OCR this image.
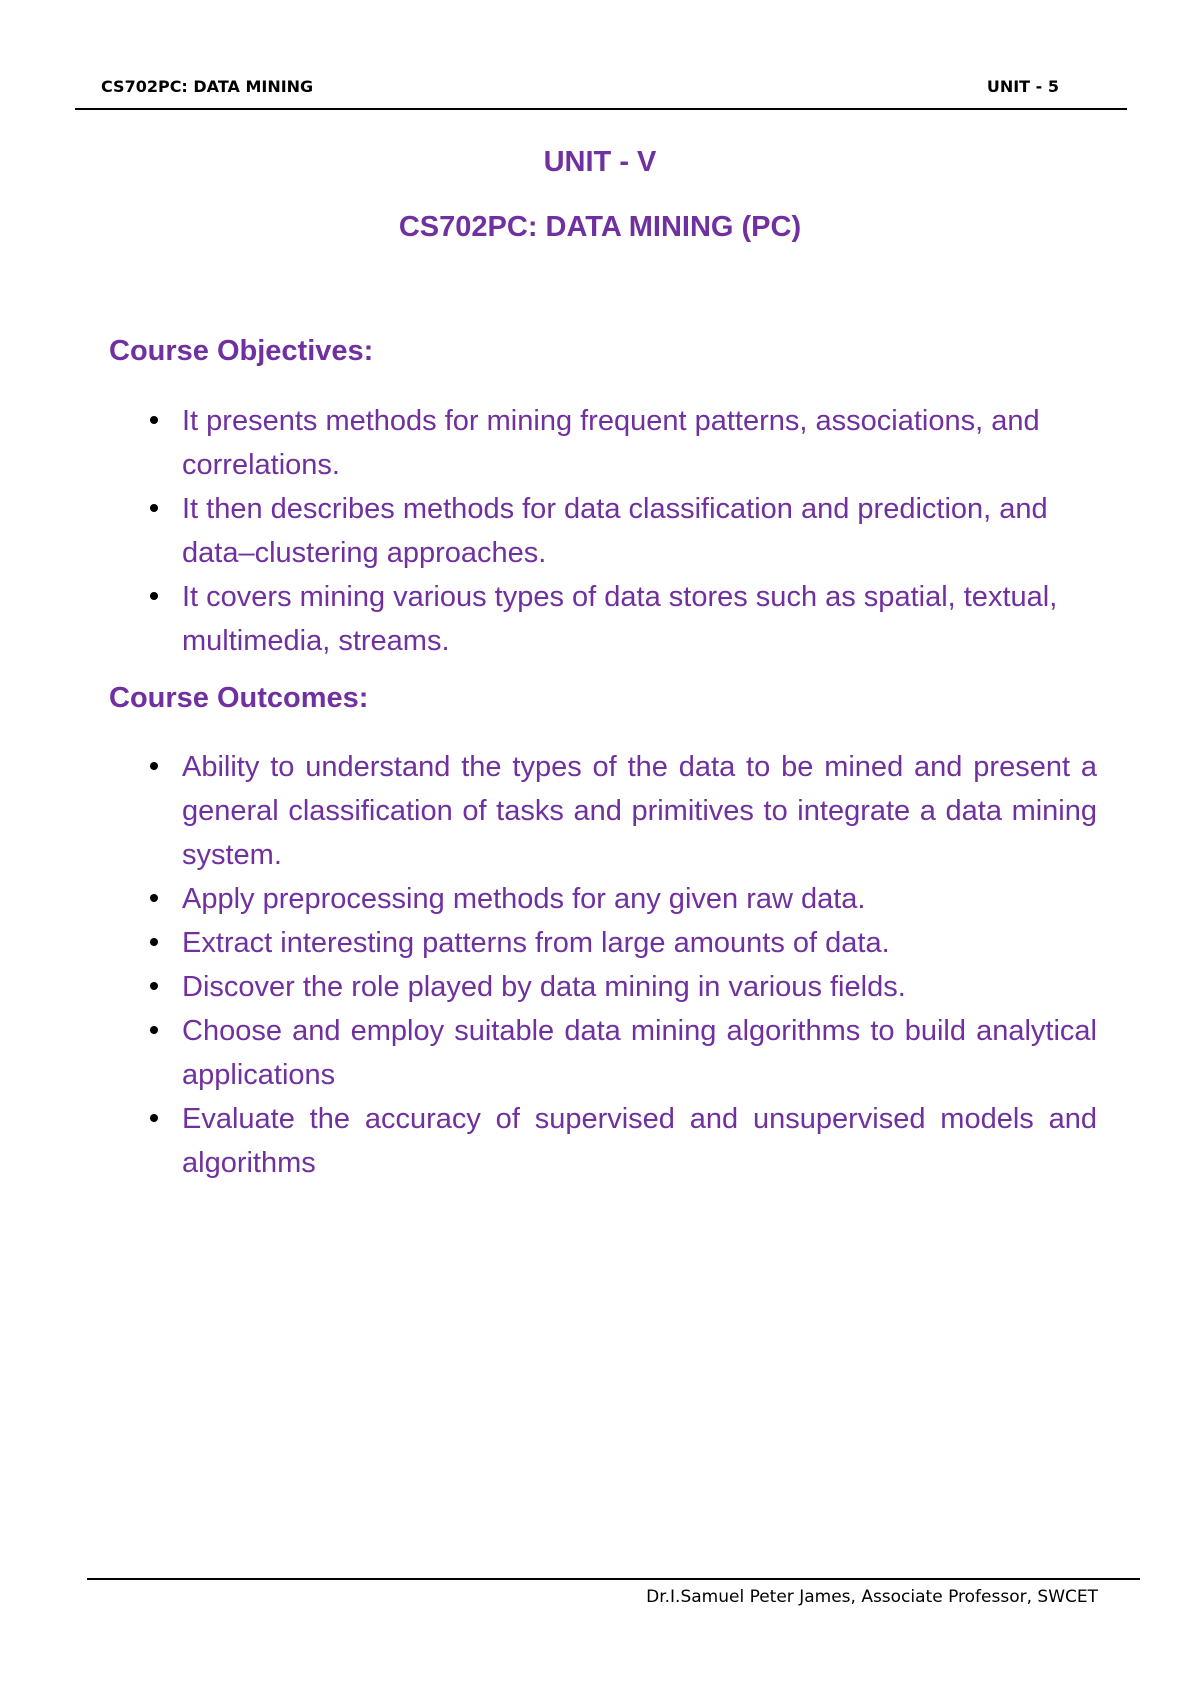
CS702PC: DATA MINING	UNIT - 5
UNIT - V
CS702PC: DATA MINING (PC)
Course Objectives:
It presents methods for mining frequent patterns, associations, and correlations.
It then describes methods for data classification and prediction, and data–clustering approaches.
It covers mining various types of data stores such as spatial, textual, multimedia, streams.
Course Outcomes:
Ability to understand the types of the data to be mined and present a general classification of tasks and primitives to integrate a data mining system.
Apply preprocessing methods for any given raw data.
Extract interesting patterns from large amounts of data.
Discover the role played by data mining in various fields.
Choose and employ suitable data mining algorithms to build analytical applications
Evaluate the accuracy of supervised and unsupervised models and algorithms
Dr.I.Samuel Peter James, Associate Professor, SWCET
